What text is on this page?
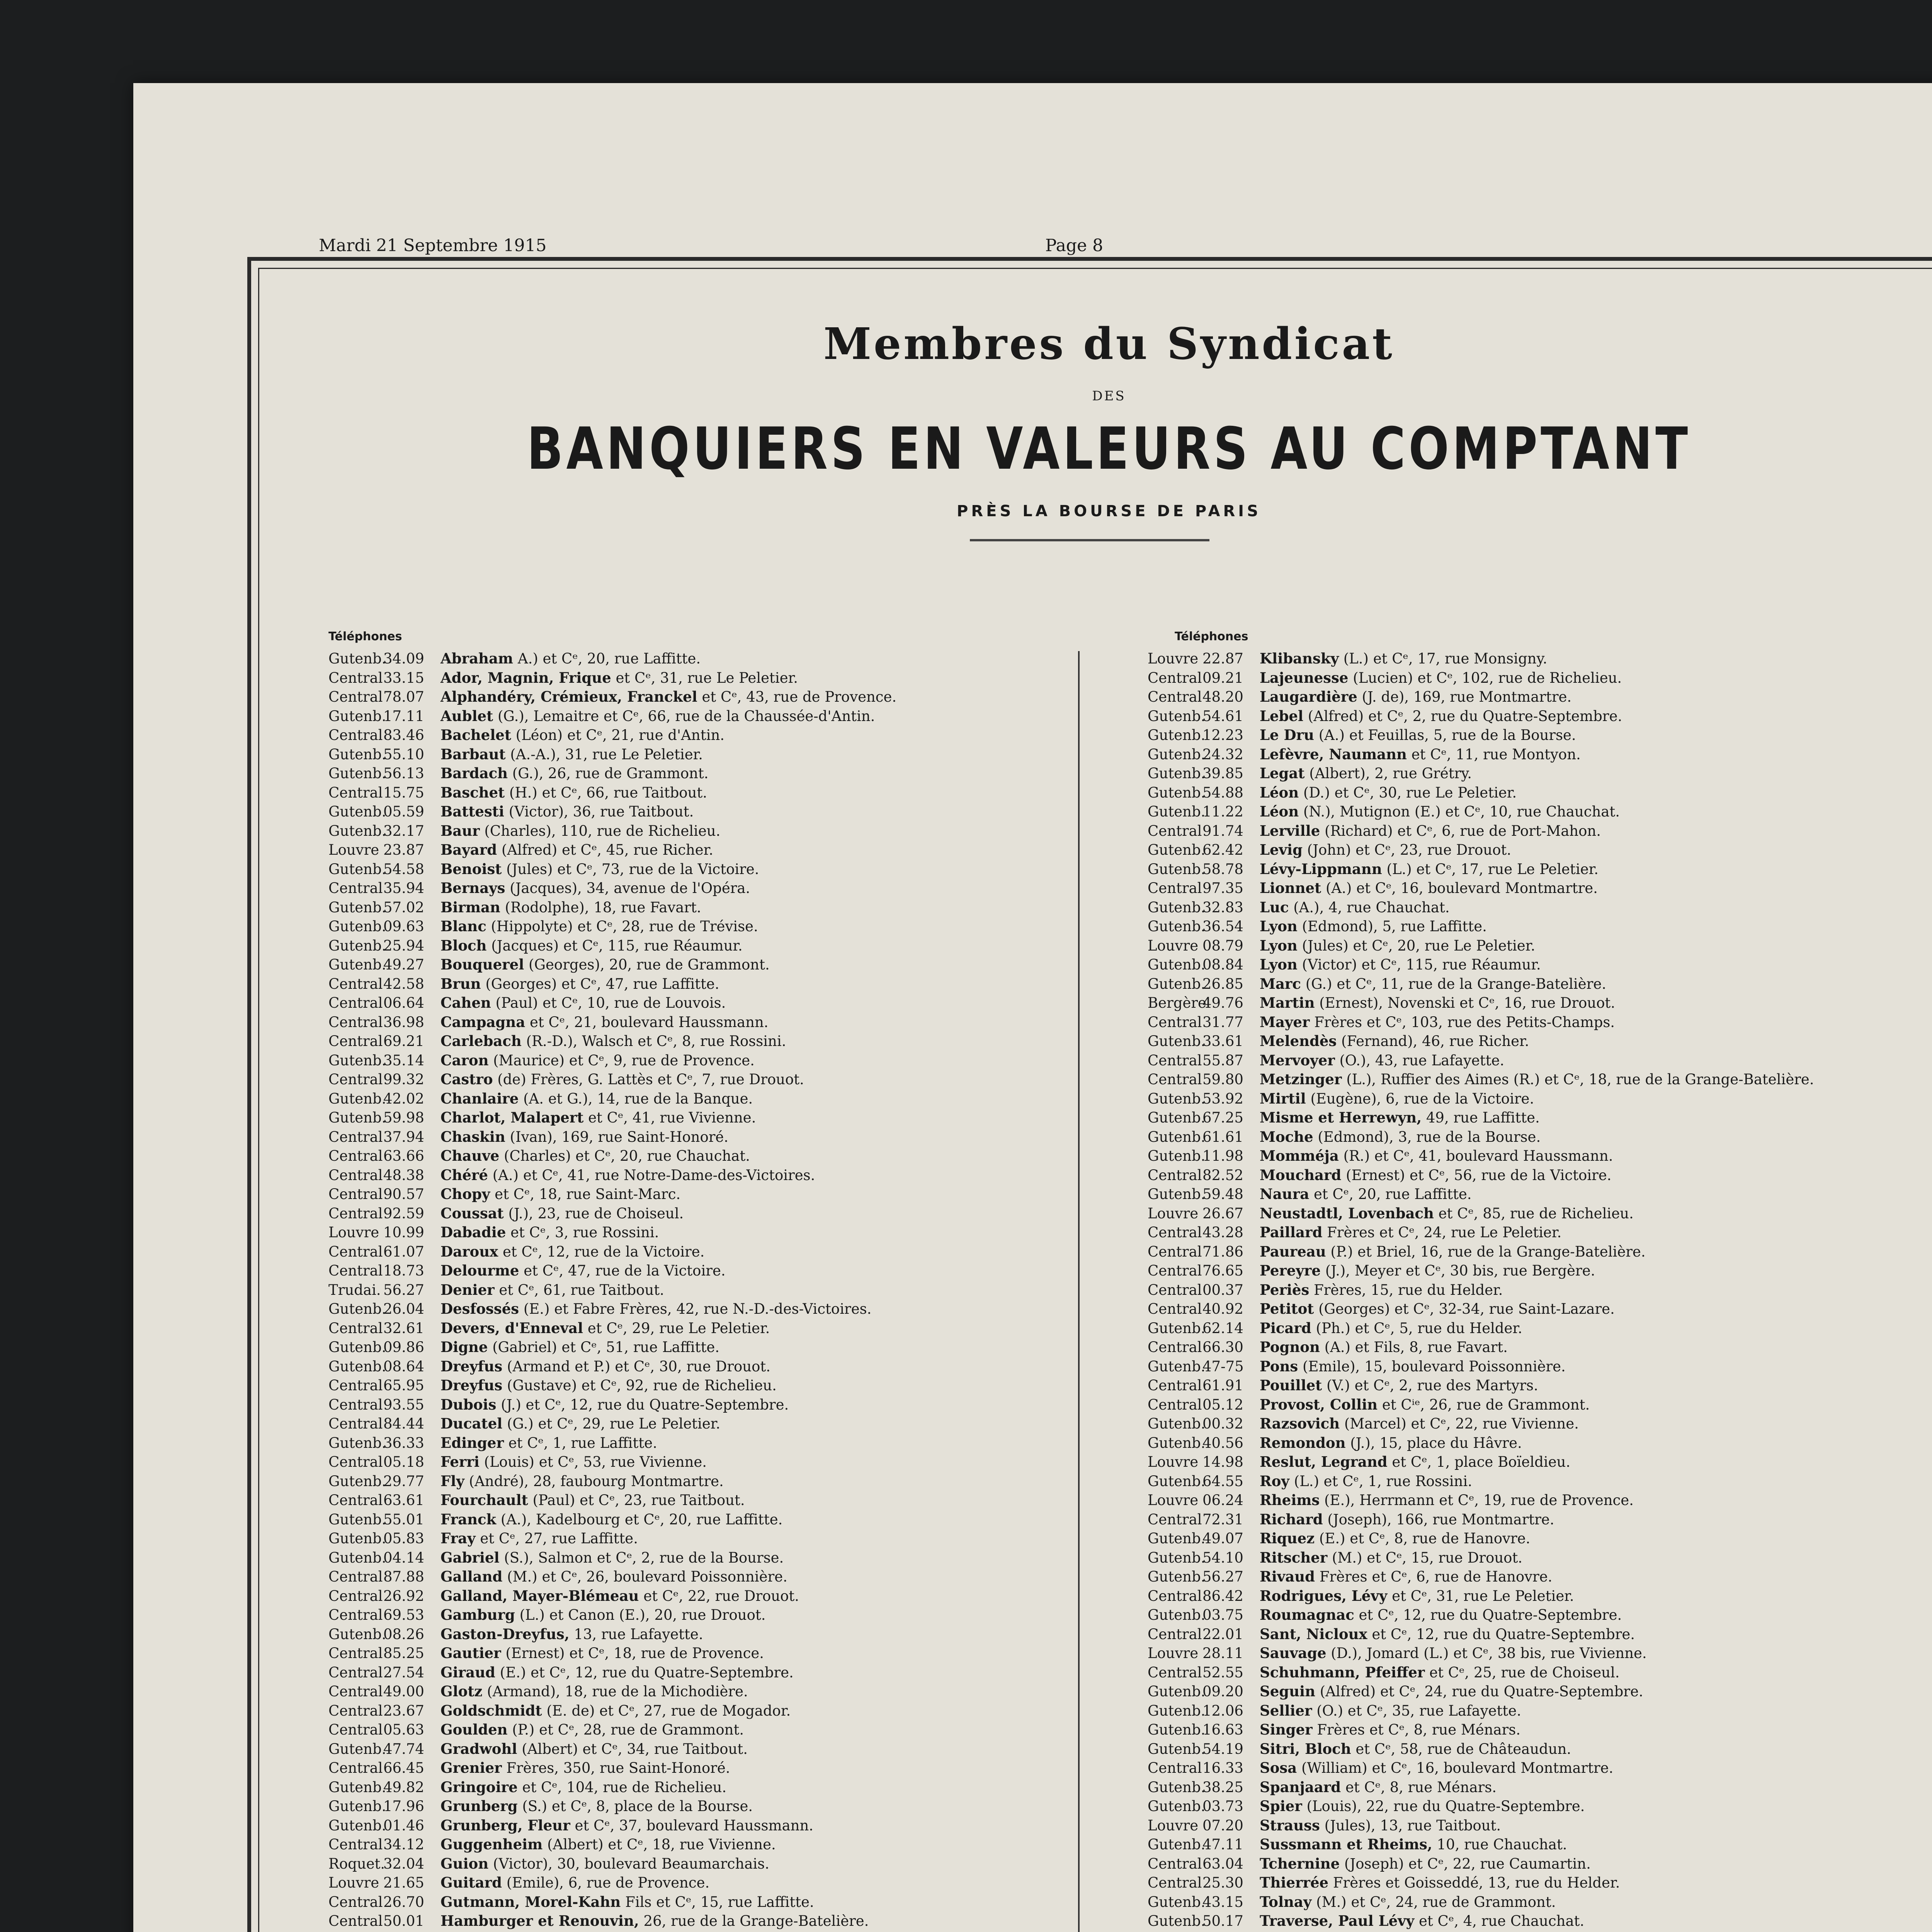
Mardi 21 Septembre 1915	Page 8
Membres du Syndicat
DES
BANQUIERS EN VALEURS AU COMPTANT
PRÈS LA BOURSE DE PARIS
Téléphones	Téléphones
Gutenb.34.09 Abraham A.) et Cᵉ, 20, rue Laffitte.
Central33.15 Ador, Magnin, Frique et Cᵉ, 31, rue Le Peletier.
Central78.07 Alphandéry, Crémieux, Franckel et Cᵉ, 43, rue de Provence.
Gutenb.17.11 Aublet (G.), Lemaitre et Cᵉ, 66, rue de la Chaussée-d'Antin.
Central83.46 Bachelet (Léon) et Cᵉ, 21, rue d'Antin.
Gutenb.55.10 Barbaut (A.-A.), 31, rue Le Peletier.
Gutenb.56.13 Bardach (G.), 26, rue de Grammont.
Central15.75 Baschet (H.) et Cᵉ, 66, rue Taitbout.
Gutenb.05.59 Battesti (Victor), 36, rue Taitbout.
Gutenb.32.17 Baur (Charles), 110, rue de Richelieu.
Louvre 23.87 Bayard (Alfred) et Cᵉ, 45, rue Richer.
Gutenb.54.58 Benoist (Jules) et Cᵉ, 73, rue de la Victoire.
Central35.94 Bernays (Jacques), 34, avenue de l'Opéra.
Gutenb.57.02 Birman (Rodolphe), 18, rue Favart.
Gutenb.09.63 Blanc (Hippolyte) et Cᵉ, 28, rue de Trévise.
Gutenb.25.94 Bloch (Jacques) et Cᵉ, 115, rue Réaumur.
Gutenb.49.27 Bouquerel (Georges), 20, rue de Grammont.
Central42.58 Brun (Georges) et Cᵉ, 47, rue Laffitte.
Central06.64 Cahen (Paul) et Cᵉ, 10, rue de Louvois.
Central36.98 Campagna et Cᵉ, 21, boulevard Haussmann.
Central69.21 Carlebach (R.-D.), Walsch et Cᵉ, 8, rue Rossini.
Gutenb.35.14 Caron (Maurice) et Cᵉ, 9, rue de Provence.
Central99.32 Castro (de) Frères, G. Lattès et Cᵉ, 7, rue Drouot.
Gutenb.42.02 Chanlaire (A. et G.), 14, rue de la Banque.
Gutenb.59.98 Charlot, Malapert et Cᵉ, 41, rue Vivienne.
Central37.94 Chaskin (Ivan), 169, rue Saint-Honoré.
Central63.66 Chauve (Charles) et Cᵉ, 20, rue Chauchat.
Central48.38 Chéré (A.) et Cᵉ, 41, rue Notre-Dame-des-Victoires.
Central90.57 Chopy et Cᵉ, 18, rue Saint-Marc.
Central92.59 Coussat (J.), 23, rue de Choiseul.
Louvre 10.99 Dabadie et Cᵉ, 3, rue Rossini.
Central61.07 Daroux et Cᵉ, 12, rue de la Victoire.
Central18.73 Delourme et Cᵉ, 47, rue de la Victoire.
Trudai. 56.27 Denier et Cᵉ, 61, rue Taitbout.
Gutenb.26.04 Desfossés (E.) et Fabre Frères, 42, rue N.-D.-des-Victoires.
Central32.61 Devers, d'Enneval et Cᵉ, 29, rue Le Peletier.
Gutenb.09.86 Digne (Gabriel) et Cᵉ, 51, rue Laffitte.
Gutenb.08.64 Dreyfus (Armand et P.) et Cᵉ, 30, rue Drouot.
Central65.95 Dreyfus (Gustave) et Cᵉ, 92, rue de Richelieu.
Central93.55 Dubois (J.) et Cᵉ, 12, rue du Quatre-Septembre.
Central84.44 Ducatel (G.) et Cᵉ, 29, rue Le Peletier.
Gutenb.36.33 Edinger et Cᵉ, 1, rue Laffitte.
Central05.18 Ferri (Louis) et Cᵉ, 53, rue Vivienne.
Gutenb.29.77 Fly (André), 28, faubourg Montmartre.
Central63.61 Fourchault (Paul) et Cᵉ, 23, rue Taitbout.
Gutenb.55.01 Franck (A.), Kadelbourg et Cᵉ, 20, rue Laffitte.
Gutenb.05.83 Fray et Cᵉ, 27, rue Laffitte.
Gutenb.04.14 Gabriel (S.), Salmon et Cᵉ, 2, rue de la Bourse.
Central87.88 Galland (M.) et Cᵉ, 26, boulevard Poissonnière.
Central26.92 Galland, Mayer-Blémeau et Cᵉ, 22, rue Drouot.
Central69.53 Gamburg (L.) et Canon (E.), 20, rue Drouot.
Gutenb.08.26 Gaston-Dreyfus, 13, rue Lafayette.
Central85.25 Gautier (Ernest) et Cᵉ, 18, rue de Provence.
Central27.54 Giraud (E.) et Cᵉ, 12, rue du Quatre-Septembre.
Central49.00 Glotz (Armand), 18, rue de la Michodière.
Central23.67 Goldschmidt (E. de) et Cᵉ, 27, rue de Mogador.
Central05.63 Goulden (P.) et Cᵉ, 28, rue de Grammont.
Gutenb.47.74 Gradwohl (Albert) et Cᵉ, 34, rue Taitbout.
Central66.45 Grenier Frères, 350, rue Saint-Honoré.
Gutenb.49.82 Gringoire et Cᵉ, 104, rue de Richelieu.
Gutenb.17.96 Grunberg (S.) et Cᵉ, 8, place de la Bourse.
Gutenb.01.46 Grunberg, Fleur et Cᵉ, 37, boulevard Haussmann.
Central34.12 Guggenheim (Albert) et Cᵉ, 18, rue Vivienne.
Roquet.32.04 Guion (Victor), 30, boulevard Beaumarchais.
Louvre 21.65 Guitard (Emile), 6, rue de Provence.
Central26.70 Gutmann, Morel-Kahn Fils et Cᵉ, 15, rue Laffitte.
Central50.01 Hamburger et Renouvin, 26, rue de la Grange-Batelière.
Louvre 22.87 Klibansky (L.) et Cᵉ, 17, rue Monsigny.
Central09.21 Lajeunesse (Lucien) et Cᵉ, 102, rue de Richelieu.
Central48.20 Laugardière (J. de), 169, rue Montmartre.
Gutenb.54.61 Lebel (Alfred) et Cᵉ, 2, rue du Quatre-Septembre.
Gutenb.12.23 Le Dru (A.) et Feuillas, 5, rue de la Bourse.
Gutenb.24.32 Lefèvre, Naumann et Cᵉ, 11, rue Montyon.
Gutenb.39.85 Legat (Albert), 2, rue Grétry.
Gutenb.54.88 Léon (D.) et Cᵉ, 30, rue Le Peletier.
Gutenb.11.22 Léon (N.), Mutignon (E.) et Cᵉ, 10, rue Chauchat.
Central91.74 Lerville (Richard) et Cᵉ, 6, rue de Port-Mahon.
Gutenb.62.42 Levig (John) et Cᵉ, 23, rue Drouot.
Gutenb.58.78 Lévy-Lippmann (L.) et Cᵉ, 17, rue Le Peletier.
Central97.35 Lionnet (A.) et Cᵉ, 16, boulevard Montmartre.
Gutenb.32.83 Luc (A.), 4, rue Chauchat.
Gutenb.36.54 Lyon (Edmond), 5, rue Laffitte.
Louvre 08.79 Lyon (Jules) et Cᵉ, 20, rue Le Peletier.
Gutenb.08.84 Lyon (Victor) et Cᵉ, 115, rue Réaumur.
Gutenb.26.85 Marc (G.) et Cᵉ, 11, rue de la Grange-Batelière.
Bergère49.76 Martin (Ernest), Novenski et Cᵉ, 16, rue Drouot.
Central31.77 Mayer Frères et Cᵉ, 103, rue des Petits-Champs.
Gutenb.33.61 Melendès (Fernand), 46, rue Richer.
Central55.87 Mervoyer (O.), 43, rue Lafayette.
Central59.80 Metzinger (L.), Ruffier des Aimes (R.) et Cᵉ, 18, rue de la Grange-Batelière.
Gutenb.53.92 Mirtil (Eugène), 6, rue de la Victoire.
Gutenb.67.25 Misme et Herrewyn, 49, rue Laffitte.
Gutenb.61.61 Moche (Edmond), 3, rue de la Bourse.
Gutenb.11.98 Momméja (R.) et Cᵉ, 41, boulevard Haussmann.
Central82.52 Mouchard (Ernest) et Cᵉ, 56, rue de la Victoire.
Gutenb.59.48 Naura et Cᵉ, 20, rue Laffitte.
Louvre 26.67 Neustadtl, Lovenbach et Cᵉ, 85, rue de Richelieu.
Central43.28 Paillard Frères et Cᵉ, 24, rue Le Peletier.
Central71.86 Paureau (P.) et Briel, 16, rue de la Grange-Batelière.
Central76.65 Pereyre (J.), Meyer et Cᵉ, 30 bis, rue Bergère.
Central00.37 Periès Frères, 15, rue du Helder.
Central40.92 Petitot (Georges) et Cᵉ, 32-34, rue Saint-Lazare.
Gutenb.62.14 Picard (Ph.) et Cᵉ, 5, rue du Helder.
Central66.30 Pognon (A.) et Fils, 8, rue Favart.
Gutenb.47-75 Pons (Emile), 15, boulevard Poissonnière.
Central61.91 Pouillet (V.) et Cᵉ, 2, rue des Martyrs.
Central05.12 Provost, Collin et Cⁱᵉ, 26, rue de Grammont.
Gutenb.00.32 Razsovich (Marcel) et Cᵉ, 22, rue Vivienne.
Gutenb.40.56 Remondon (J.), 15, place du Hâvre.
Louvre 14.98 Reslut, Legrand et Cᵉ, 1, place Boïeldieu.
Gutenb.64.55 Roy (L.) et Cᵉ, 1, rue Rossini.
Louvre 06.24 Rheims (E.), Herrmann et Cᵉ, 19, rue de Provence.
Central72.31 Richard (Joseph), 166, rue Montmartre.
Gutenb.49.07 Riquez (E.) et Cᵉ, 8, rue de Hanovre.
Gutenb.54.10 Ritscher (M.) et Cᵉ, 15, rue Drouot.
Gutenb.56.27 Rivaud Frères et Cᵉ, 6, rue de Hanovre.
Central86.42 Rodrigues, Lévy et Cᵉ, 31, rue Le Peletier.
Gutenb.03.75 Roumagnac et Cᵉ, 12, rue du Quatre-Septembre.
Central22.01 Sant, Nicloux et Cᵉ, 12, rue du Quatre-Septembre.
Louvre 28.11 Sauvage (D.), Jomard (L.) et Cᵉ, 38 bis, rue Vivienne.
Central52.55 Schuhmann, Pfeiffer et Cᵉ, 25, rue de Choiseul.
Gutenb.09.20 Seguin (Alfred) et Cᵉ, 24, rue du Quatre-Septembre.
Gutenb.12.06 Sellier (O.) et Cᵉ, 35, rue Lafayette.
Gutenb.16.63 Singer Frères et Cᵉ, 8, rue Ménars.
Gutenb.54.19 Sitri, Bloch et Cᵉ, 58, rue de Châteaudun.
Central16.33 Sosa (William) et Cᵉ, 16, boulevard Montmartre.
Gutenb.38.25 Spanjaard et Cᵉ, 8, rue Ménars.
Gutenb.03.73 Spier (Louis), 22, rue du Quatre-Septembre.
Louvre 07.20 Strauss (Jules), 13, rue Taitbout.
Gutenb.47.11 Sussmann et Rheims, 10, rue Chauchat.
Central63.04 Tchernine (Joseph) et Cᵉ, 22, rue Caumartin.
Central25.30 Thierrée Frères et Goisseddé, 13, rue du Helder.
Gutenb.43.15 Tolnay (M.) et Cᵉ, 24, rue de Grammont.
Gutenb.50.17 Traverse, Paul Lévy et Cᵉ, 4, rue Chauchat.
